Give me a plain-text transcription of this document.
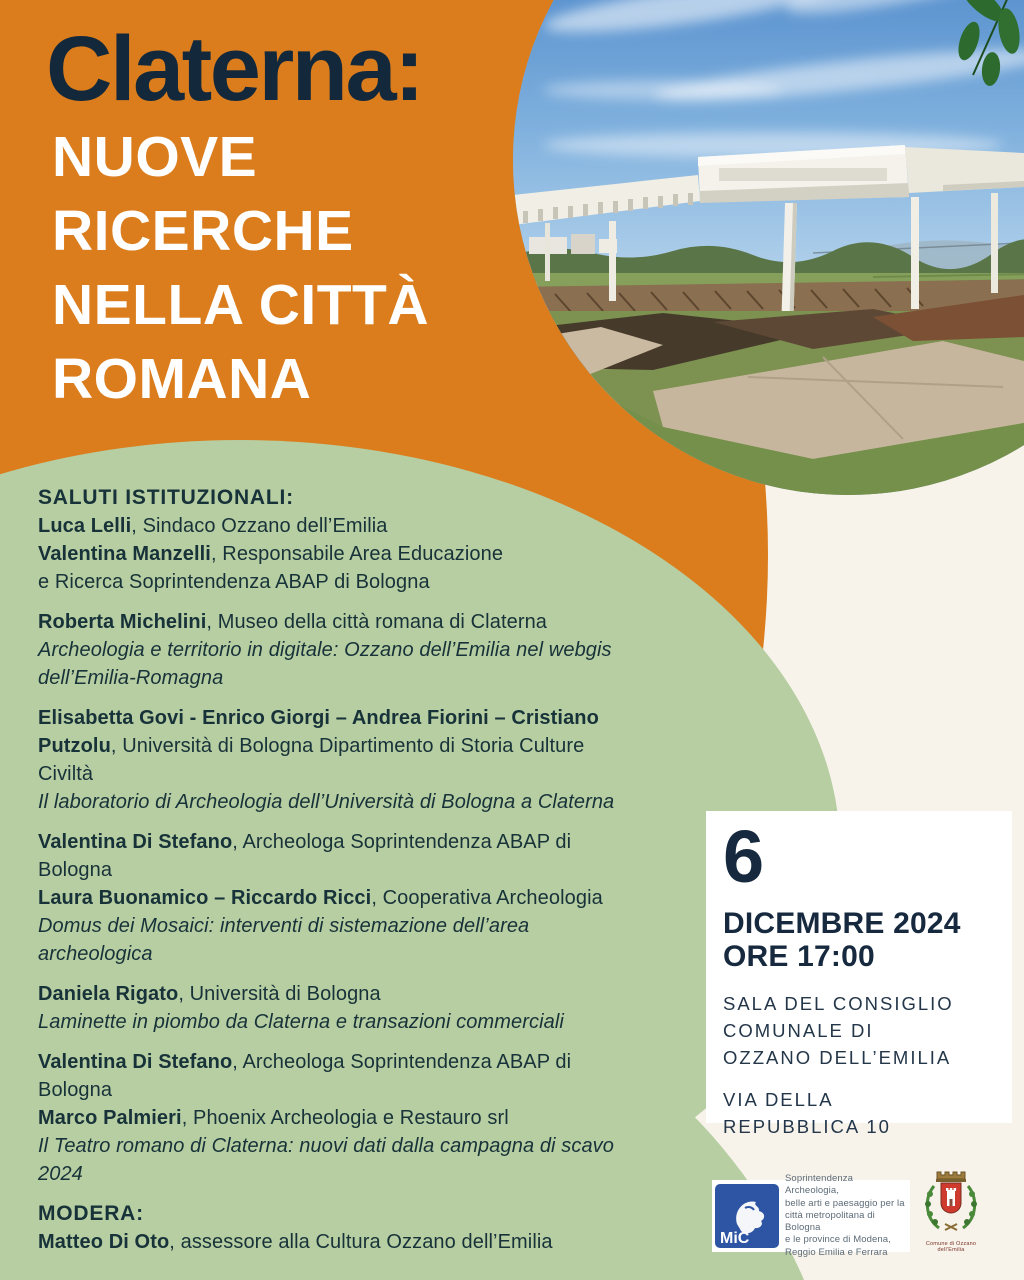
Claterna:
NUOVE
RICERCHE
NELLA CITTÀ
ROMANA
SALUTI ISTITUZIONALI:
Luca Lelli, Sindaco Ozzano dell’Emilia
Valentina Manzelli, Responsabile Area Educazione
e Ricerca Soprintendenza ABAP di Bologna
Roberta Michelini, Museo della città romana di Claterna
Archeologia e territorio in digitale: Ozzano dell’Emilia nel webgis
dell’Emilia-Romagna
Elisabetta Govi - Enrico Giorgi – Andrea Fiorini – Cristiano
Putzolu, Università di Bologna Dipartimento di Storia Culture
Civiltà
Il laboratorio di Archeologia dell’Università di Bologna a Claterna
Valentina Di Stefano, Archeologa Soprintendenza ABAP di
Bologna
Laura Buonamico – Riccardo Ricci, Cooperativa Archeologia
Domus dei Mosaici: interventi di sistemazione dell’area
archeologica
Daniela Rigato, Università di Bologna
Laminette in piombo da Claterna e transazioni commerciali
Valentina Di Stefano, Archeologa Soprintendenza ABAP di
Bologna
Marco Palmieri, Phoenix Archeologia e Restauro srl
Il Teatro romano di Claterna: nuovi dati dalla campagna di scavo
2024
MODERA:
Matteo Di Oto, assessore alla Cultura Ozzano dell’Emilia
6
DICEMBRE 2024
ORE 17:00
SALA DEL CONSIGLIO
COMUNALE DI
OZZANO DELL’EMILIA
VIA DELLA
REPUBBLICA 10
MiC
Soprintendenza Archeologia,
belle arti e paesaggio per la
città metropolitana di Bologna
e le province di Modena,
Reggio Emilia e Ferrara
Comune di Ozzano dell’Emilia
